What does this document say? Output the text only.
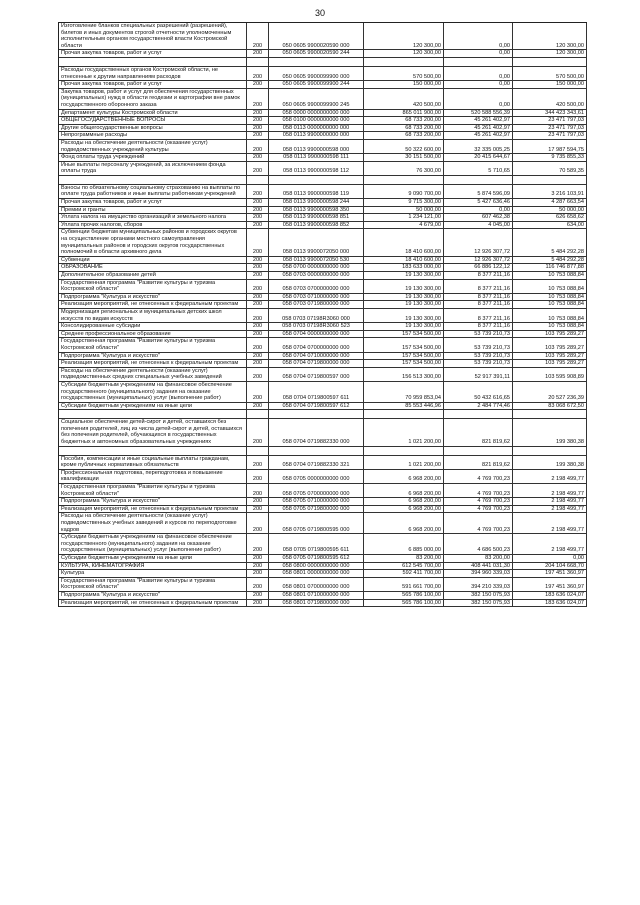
30
Изготовление бланков специальных разрешений (разрешений), билетов и иных документов строгой отчетности уполномоченным исполнительным органом государственной власти Костромской области	200	050 0605 9900020590 000	120 300,00	0,00	120 300,00
Прочая закупка товаров, работ и услуг	200	050 0605 9900020590 244	120 300,00	0,00	120 300,00
Расходы государственных органов Костромской области, не отнесенные к другим направлениям расходов	200	050 0605 9900099900 000	570 500,00	0,00	570 500,00
Прочая закупка товаров, работ и услуг	200	050 0605 9900099900 244	150 000,00	0,00	150 000,00
Закупка товаров, работ и услуг для обеспечения государственных (муниципальных) нужд в области геодезии и картографии вне рамок государственного оборонного заказа	200	050 0605 9900099900 245	420 500,00	0,00	420 500,00
Департамент культуры Костромской области	200	058 0000 0000000000 000	865 011 900,00	520 588 556,39	344 423 343,61
ОБЩЕГОСУДАРСТВЕННЫЕ ВОПРОСЫ	200	058 0100 0000000000 000	68 733 200,00	45 261 402,97	23 471 797,03
Другие общегосударственные вопросы	200	058 0113 0000000000 000	68 733 200,00	45 261 402,97	23 471 797,03
Непрограммные расходы	200	058 0113 9900000000 000	68 733 200,00	45 261 402,97	23 471 797,03
Расходы на обеспечение деятельности (оказание услуг) подведомственных учреждений культуры	200	058 0113 9900000598 000	50 322 600,00	32 335 005,25	17 987 594,75
Фонд оплаты труда учреждений	200	058 0113 9900000598 111	30 151 500,00	20 415 644,67	9 735 855,33
Иные выплаты персоналу учреждений, за исключением фонда оплаты труда	200	058 0113 9900000598 112	76 300,00	5 710,65	70 589,35
Взносы по обязательному социальному страхованию на выплаты по оплате труда работников и иные выплаты работникам учреждений	200	058 0113 9900000598 119	9 090 700,00	5 874 596,09	3 216 103,91
Прочая закупка товаров, работ и услуг	200	058 0113 9900000598 244	9 715 300,00	5 427 636,46	4 287 663,54
Премии и гранты	200	058 0113 9900000598 350	50 000,00	0,00	50 000,00
Уплата налога на имущество организаций и земельного налога	200	058 0113 9900000598 851	1 234 121,00	607 462,38	626 658,62
Уплата прочих налогов, сборов	200	058 0113 9900000598 852	4 679,00	4 045,00	634,00
Субвенции бюджетам муниципальных районов и городских округов на осуществление органами местного самоуправления муниципальных районов и городских округов государственных полномочий в области архивного дела	200	058 0113 9900072050 000	18 410 600,00	12 926 307,72	5 484 292,28
Субвенции	200	058 0113 9900072050 530	18 410 600,00	12 926 307,72	5 484 292,28
ОБРАЗОВАНИЕ	200	058 0700 0000000000 000	183 633 000,00	66 886 122,12	116 746 877,88
Дополнительное образование детей	200	058 0703 0000000000 000	19 130 300,00	8 377 211,16	10 753 088,84
Государственная программа "Развитие культуры и туризма Костромской области"	200	058 0703 0700000000 000	19 130 300,00	8 377 211,16	10 753 088,84
Подпрограмма "Культура и искусство"	200	058 0703 0710000000 000	19 130 300,00	8 377 211,16	10 753 088,84
Реализация мероприятий, не отнесенных к федеральным проектам	200	058 0703 0719800000 000	19 130 300,00	8 377 211,16	10 753 088,84
Модернизация региональных и муниципальных детских школ искусств по видам искусств	200	058 0703 07198R3060 000	19 130 300,00	8 377 211,16	10 753 088,84
Консолидированные субсидии	200	058 0703 07198R3060 523	19 130 300,00	8 377 211,16	10 753 088,84
Среднее профессиональное образование	200	058 0704 0000000000 000	157 534 500,00	53 739 210,73	103 795 289,27
Государственная программа "Развитие культуры и туризма Костромской области"	200	058 0704 0700000000 000	157 534 500,00	53 739 210,73	103 795 289,27
Подпрограмма "Культура и искусство"	200	058 0704 0710000000 000	157 534 500,00	53 739 210,73	103 795 289,27
Реализация мероприятий, не отнесенных к федеральным проектам	200	058 0704 0719800000 000	157 534 500,00	53 739 210,73	103 795 289,27
Расходы на обеспечение деятельности (оказание услуг) подведомственных средних специальных учебных заведений	200	058 0704 0719800597 000	156 513 300,00	52 917 391,11	103 595 908,89
Субсидии бюджетным учреждениям на финансовое обеспечение государственного (муниципального) задания на оказание государственных (муниципальных) услуг (выполнение работ)	200	058 0704 0719800597 611	70 959 853,04	50 432 616,65	20 527 236,39
Субсидии бюджетным учреждениям на иные цели	200	058 0704 0719800597 612	85 553 446,96	2 484 774,46	83 068 672,50
Социальное обеспечение детей-сирот и детей, оставшихся без попечения родителей, лиц из числа детей-сирот и детей, оставшихся без попечения родителей, обучающихся в государственных бюджетных и автономных образовательных учреждениях	200	058 0704 0719882330 000	1 021 200,00	821 819,62	199 380,38
Пособия, компенсации и иные социальные выплаты гражданам, кроме публичных нормативных обязательств	200	058 0704 0719882330 321	1 021 200,00	821 819,62	199 380,38
Профессиональная подготовка, переподготовка и повышение квалификации	200	058 0705 0000000000 000	6 968 200,00	4 769 700,23	2 198 499,77
Государственная программа "Развитие культуры и туризма Костромской области"	200	058 0705 0700000000 000	6 968 200,00	4 769 700,23	2 198 499,77
Подпрограмма "Культура и искусство"	200	058 0705 0710000000 000	6 968 200,00	4 769 700,23	2 198 499,77
Реализация мероприятий, не отнесенных к федеральным проектам	200	058 0705 0719800000 000	6 968 200,00	4 769 700,23	2 198 499,77
Расходы на обеспечение деятельности (оказание услуг) подведомственных учебных заведений и курсов по переподготовке кадров	200	058 0705 0719800595 000	6 968 200,00	4 769 700,23	2 198 499,77
Субсидии бюджетным учреждениям на финансовое обеспечение государственного (муниципального) задания на оказание государственных (муниципальных) услуг (выполнение работ)	200	058 0705 0719800595 611	6 885 000,00	4 686 500,23	2 198 499,77
Субсидии бюджетным учреждениям на иные цели	200	058 0705 0719800595 612	83 200,00	83 200,00	0,00
КУЛЬТУРА, КИНЕМАТОГРАФИЯ	200	058 0800 0000000000 000	612 545 700,00	408 441 031,30	204 104 668,70
Культура	200	058 0801 0000000000 000	592 411 700,00	394 960 339,03	197 451 360,97
Государственная программа "Развитие культуры и туризма Костромской области"	200	058 0801 0700000000 000	591 661 700,00	394 210 339,03	197 451 360,97
Подпрограмма "Культура и искусство"	200	058 0801 0710000000 000	565 786 100,00	382 150 075,93	183 636 024,07
Реализация мероприятий, не отнесенных к федеральным проектам	200	058 0801 0719800000 000	565 786 100,00	382 150 075,93	183 636 024,07
